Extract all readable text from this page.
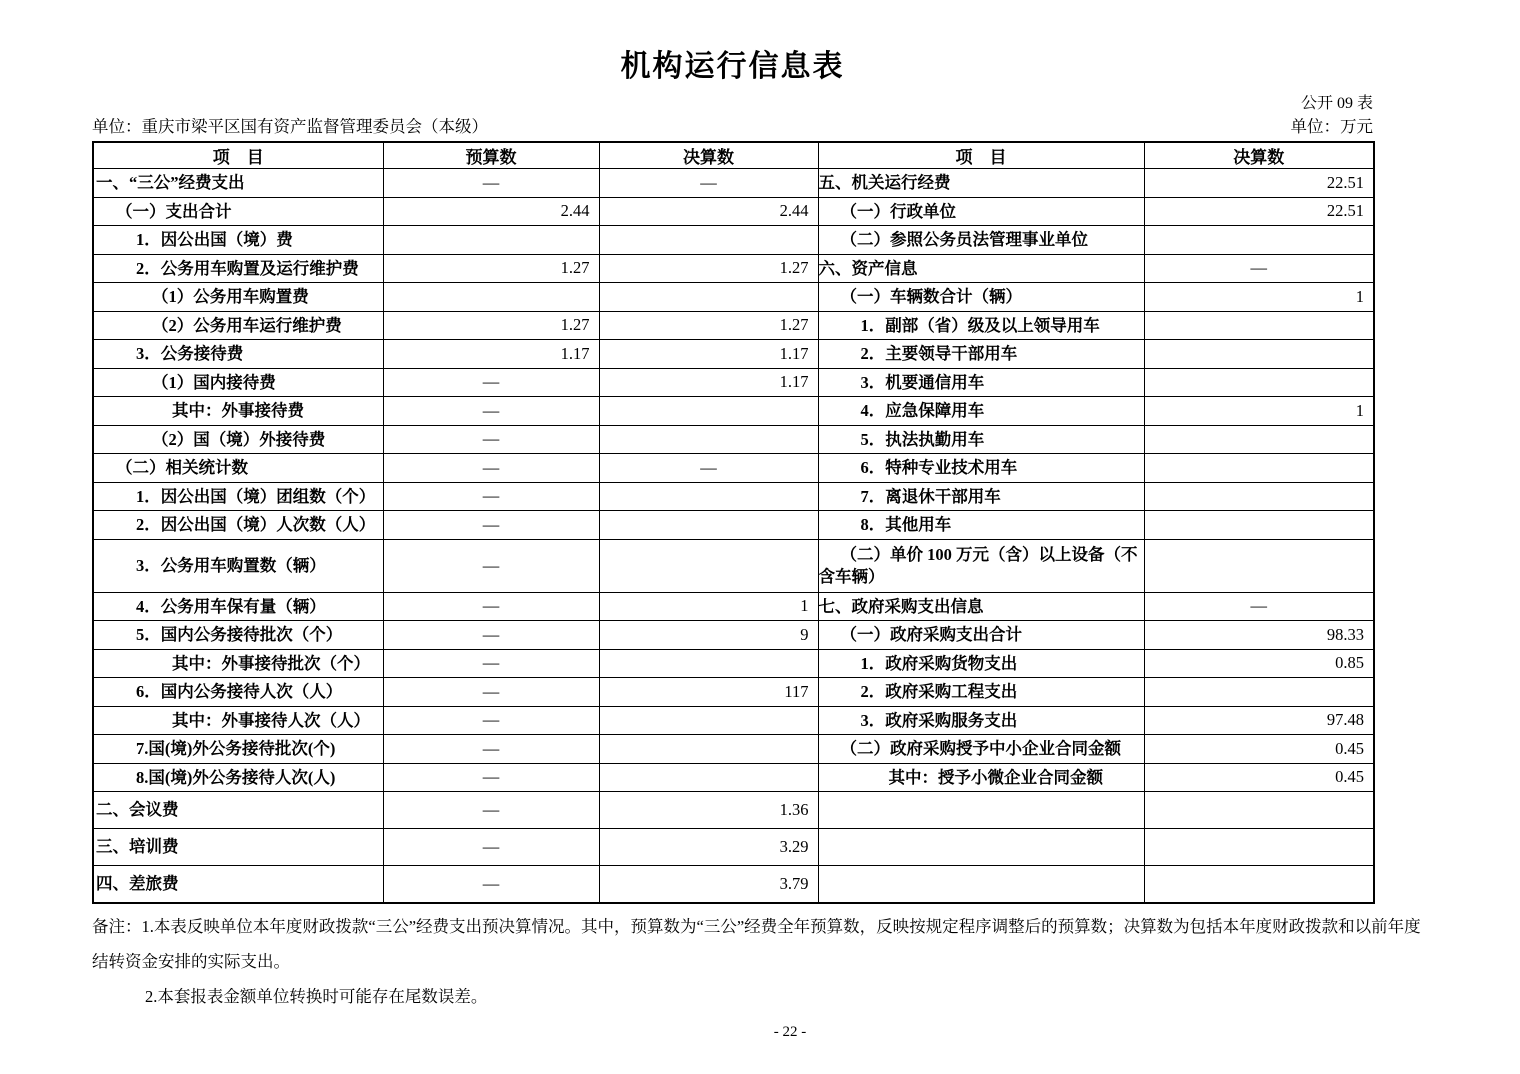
机构运行信息表
公开 09 表
单位：重庆市梁平区国有资产监督管理委员会（本级）	单位：万元
项　目	预算数	决算数	项　目	决算数
一、“三公”经费支出	—	—	五、机关运行经费	22.51
（一）支出合计	2.44	2.44	（一）行政单位	22.51
1．因公出国（境）费			（二）参照公务员法管理事业单位	
2．公务用车购置及运行维护费	1.27	1.27	六、资产信息	—
（1）公务用车购置费			（一）车辆数合计（辆）	1
（2）公务用车运行维护费	1.27	1.27	1．副部（省）级及以上领导用车	
3．公务接待费	1.17	1.17	2．主要领导干部用车	
（1）国内接待费	—	1.17	3．机要通信用车	
其中：外事接待费	—		4．应急保障用车	1
（2）国（境）外接待费	—		5．执法执勤用车	
（二）相关统计数	—	—	6．特种专业技术用车	
1．因公出国（境）团组数（个）	—		7．离退休干部用车	
2．因公出国（境）人次数（人）	—		8．其他用车	
3．公务用车购置数（辆）	—		（二）单价 100 万元（含）以上设备（不含车辆）	
4．公务用车保有量（辆）	—	1	七、政府采购支出信息	—
5．国内公务接待批次（个）	—	9	（一）政府采购支出合计	98.33
其中：外事接待批次（个）	—		1．政府采购货物支出	0.85
6．国内公务接待人次（人）	—	117	2．政府采购工程支出	
其中：外事接待人次（人）	—		3．政府采购服务支出	97.48
7.国(境)外公务接待批次(个)	—		（二）政府采购授予中小企业合同金额	0.45
8.国(境)外公务接待人次(人)	—		其中：授予小微企业合同金额	0.45
二、会议费	—	1.36		
三、培训费	—	3.29		
四、差旅费	—	3.79		
备注：1.本表反映单位本年度财政拨款“三公”经费支出预决算情况。其中，预算数为“三公”经费全年预算数，反映按规定程序调整后的预算数；决算数为包括本年度财政拨款和以前年度结转资金安排的实际支出。
2.本套报表金额单位转换时可能存在尾数误差。
- 22 -
